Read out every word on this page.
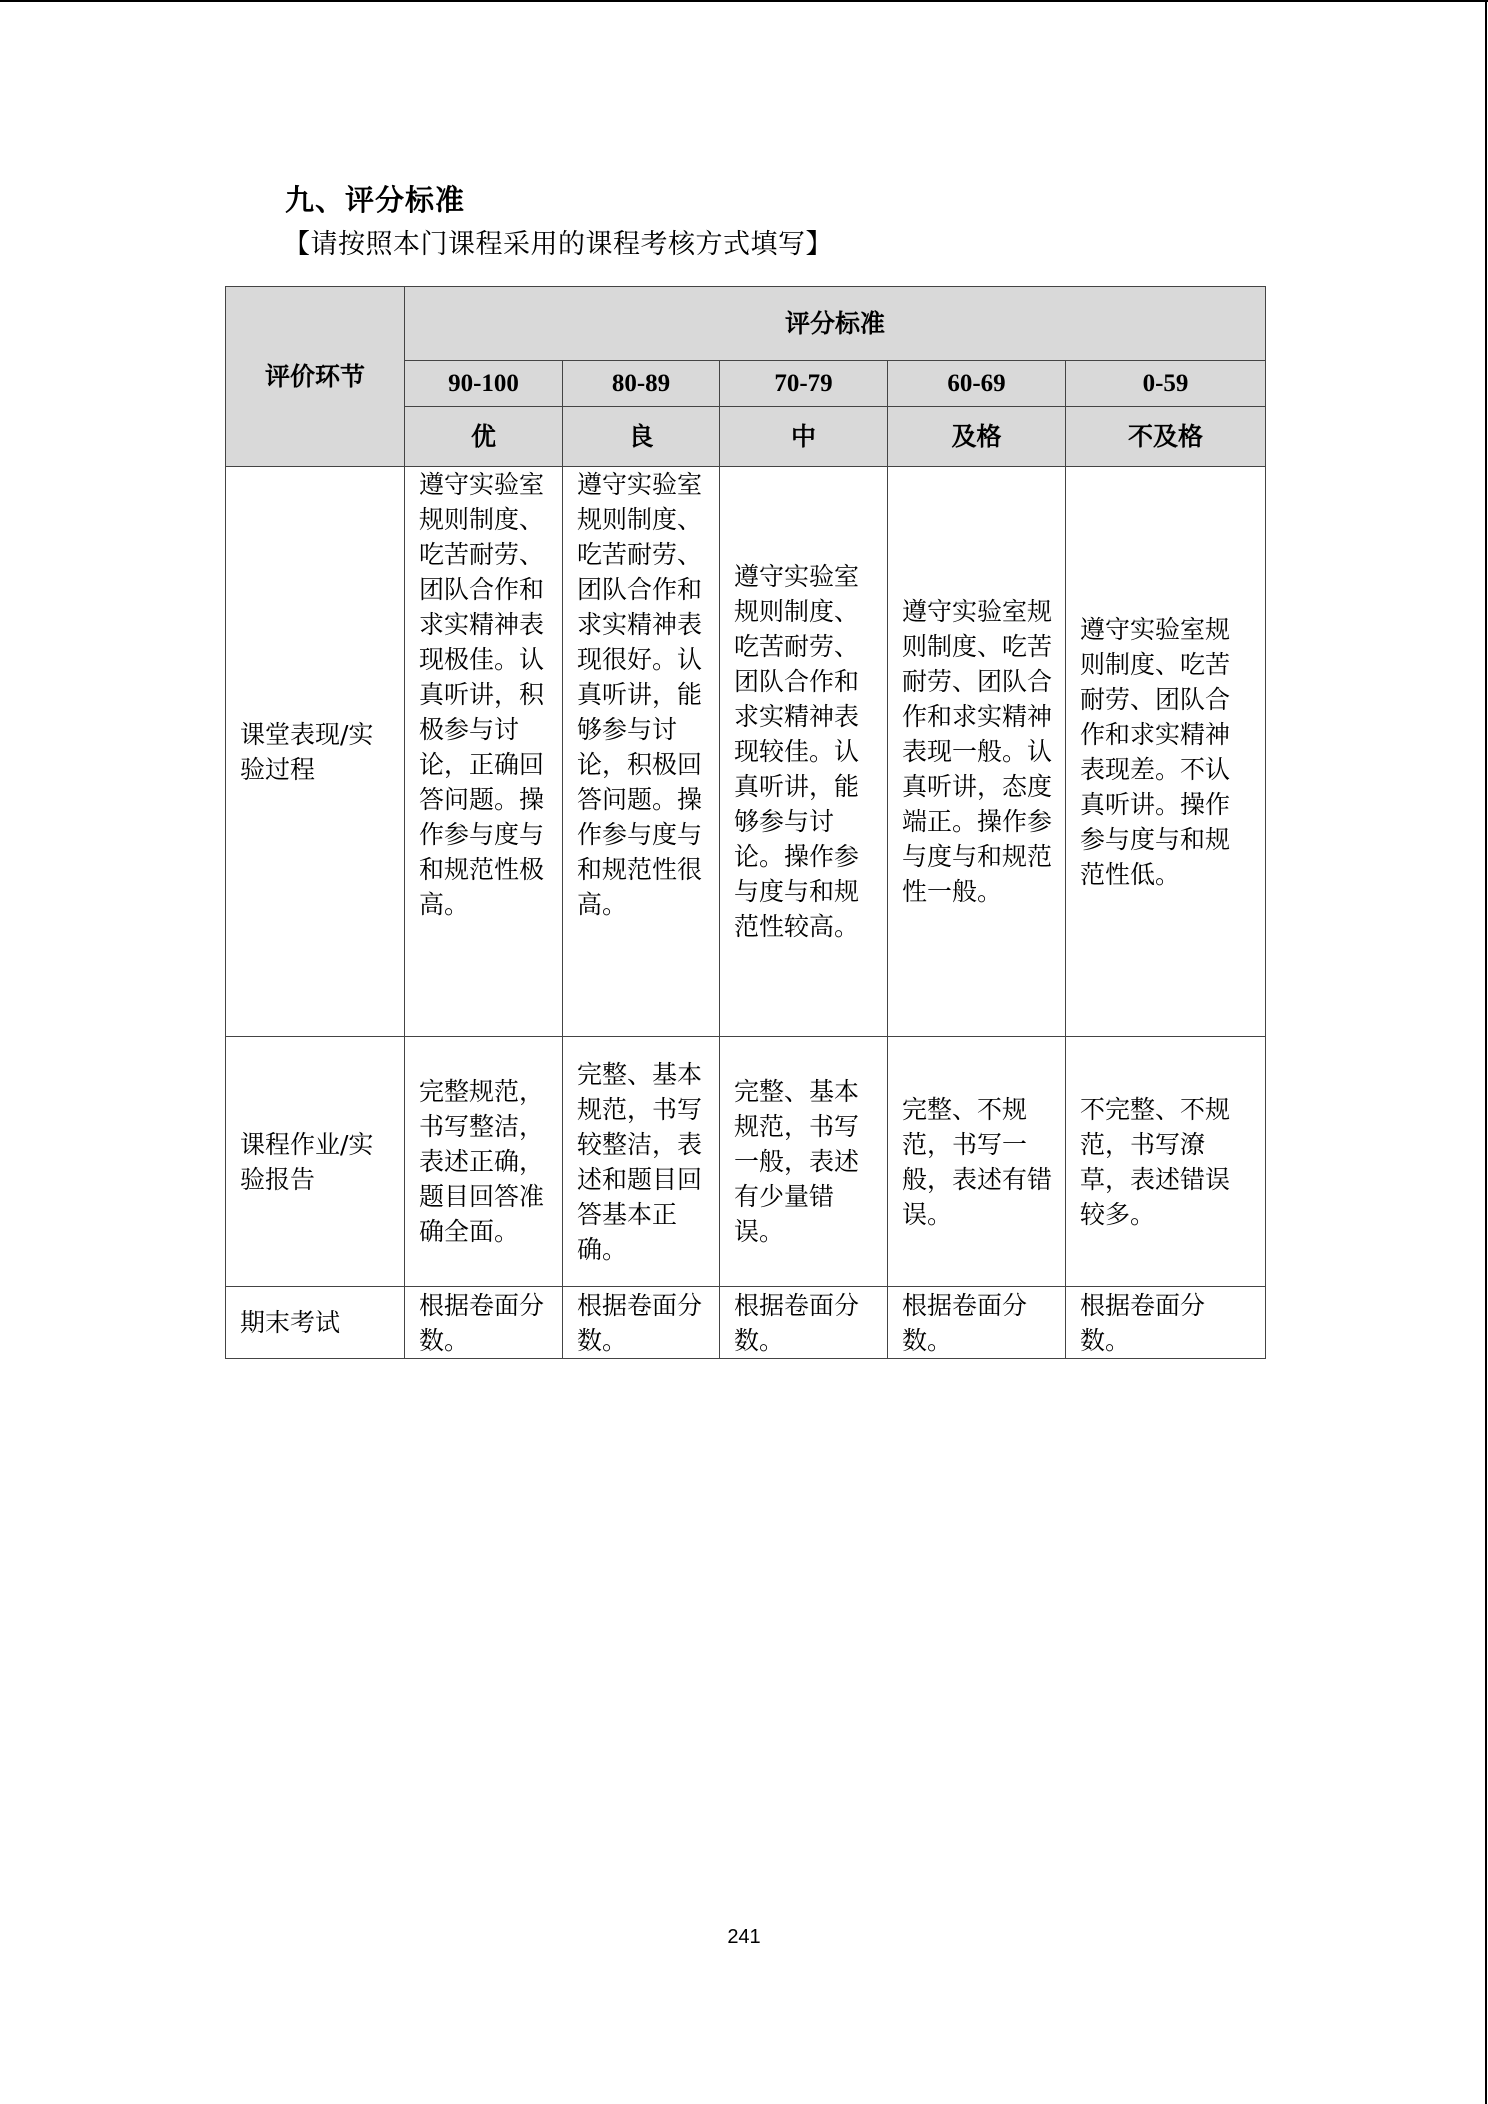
九、评分标准
【请按照本门课程采用的课程考核方式填写】
评价环节	评分标准				
	90-100	80-89	70-79	60-69	0-59
	优	良	中	及格	不及格
课堂表现/实验过程	遵守实验室规则制度、吃苦耐劳、团队合作和求实精神表现极佳。认真听讲，积极参与讨论，正确回答问题。操作参与度与和规范性极高。	遵守实验室规则制度、吃苦耐劳、团队合作和求实精神表现很好。认真听讲，能够参与讨论，积极回答问题。操作参与度与和规范性很高。	遵守实验室规则制度、吃苦耐劳、团队合作和求实精神表现较佳。认真听讲，能够参与讨论。操作参与度与和规范性较高。	遵守实验室规则制度、吃苦耐劳、团队合作和求实精神表现一般。认真听讲，态度端正。操作参与度与和规范性一般。	遵守实验室规则制度、吃苦耐劳、团队合作和求实精神表现差。不认真听讲。操作参与度与和规范性低。
课程作业/实验报告	完整规范，书写整洁，表述正确，题目回答准确全面。	完整、基本规范，书写较整洁，表述和题目回答基本正确。	完整、基本规范，书写一般，表述有少量错误。	完整、不规范，书写一般，表述有错误。	不完整、不规范，书写潦草，表述错误较多。
期末考试	根据卷面分数。	根据卷面分数。	根据卷面分数。	根据卷面分数。	根据卷面分数。
241
